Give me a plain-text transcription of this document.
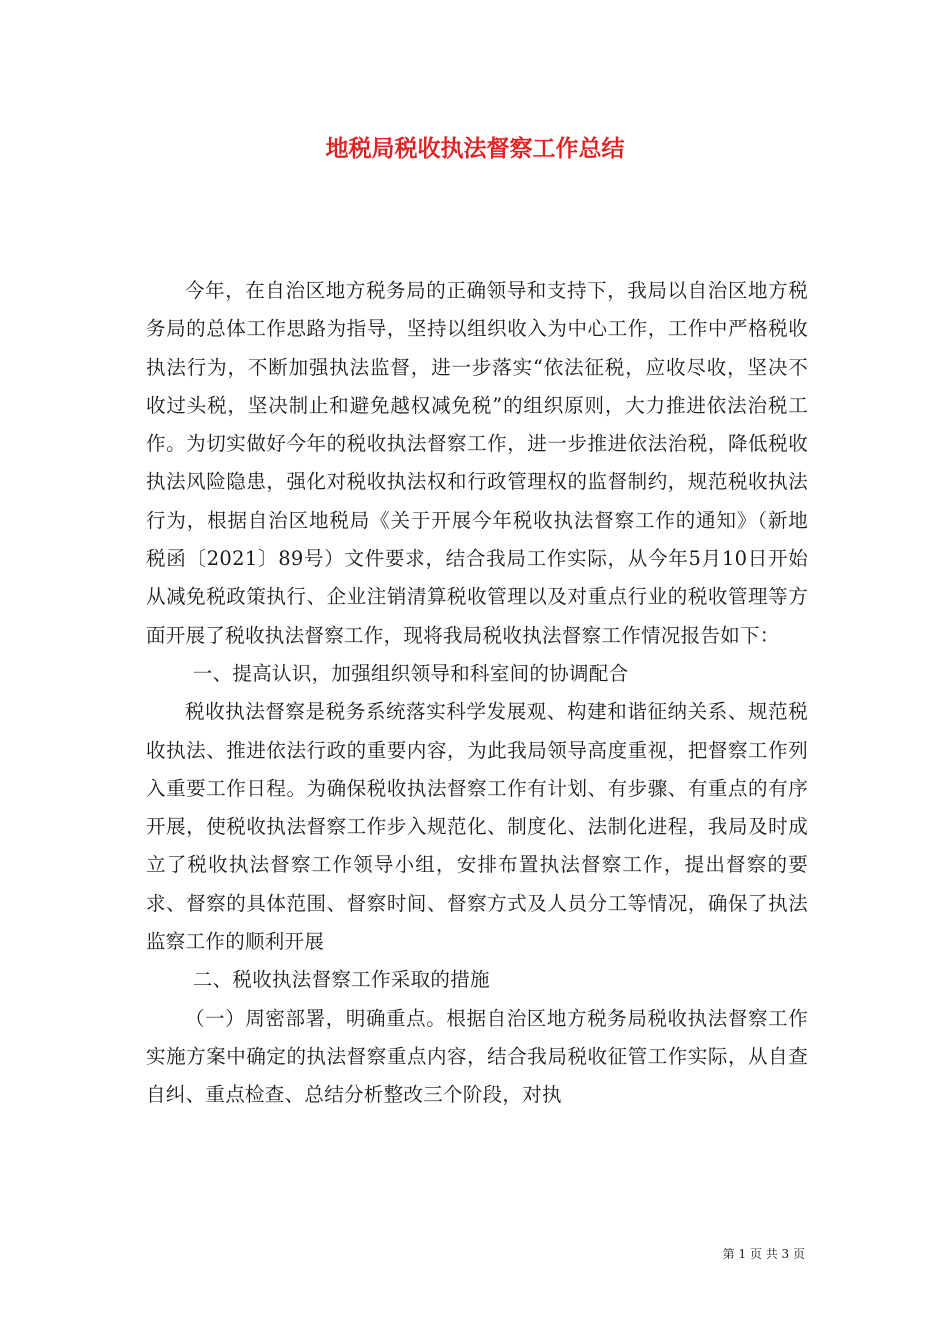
地税局税收执法督察工作总结

今年，在自治区地方税务局的正确领导和支持下，我局以自治区地方税务局的总体工作思路为指导，坚持以组织收入为中心工作，工作中严格税收执法行为，不断加强执法监督，进一步落实“依法征税，应收尽收，坚决不收过头税，坚决制止和避免越权减免税”的组织原则，大力推进依法治税工作。为切实做好今年的税收执法督察工作，进一步推进依法治税，降低税收执法风险隐患，强化对税收执法权和行政管理权的监督制约，规范税收执法行为，根据自治区地税局《关于开展今年税收执法督察工作的通知》（新地税函〔2021〕89号）文件要求，结合我局工作实际，从今年5月10日开始从减免税政策执行、企业注销清算税收管理以及对重点行业的税收管理等方面开展了税收执法督察工作，现将我局税收执法督察工作情况报告如下：

一、提高认识，加强组织领导和科室间的协调配合

税收执法督察是税务系统落实科学发展观、构建和谐征纳关系、规范税收执法、推进依法行政的重要内容，为此我局领导高度重视，把督察工作列入重要工作日程。为确保税收执法督察工作有计划、有步骤、有重点的有序开展，使税收执法督察工作步入规范化、制度化、法制化进程，我局及时成立了税收执法督察工作领导小组，安排布置执法督察工作，提出督察的要求、督察的具体范围、督察时间、督察方式及人员分工等情况，确保了执法监察工作的顺利开展

二、税收执法督察工作采取的措施

（一）周密部署，明确重点。根据自治区地方税务局税收执法督察工作实施方案中确定的执法督察重点内容，结合我局税收征管工作实际，从自查自纠、重点检查、总结分析整改三个阶段，对执

第 1 页 共 3 页
